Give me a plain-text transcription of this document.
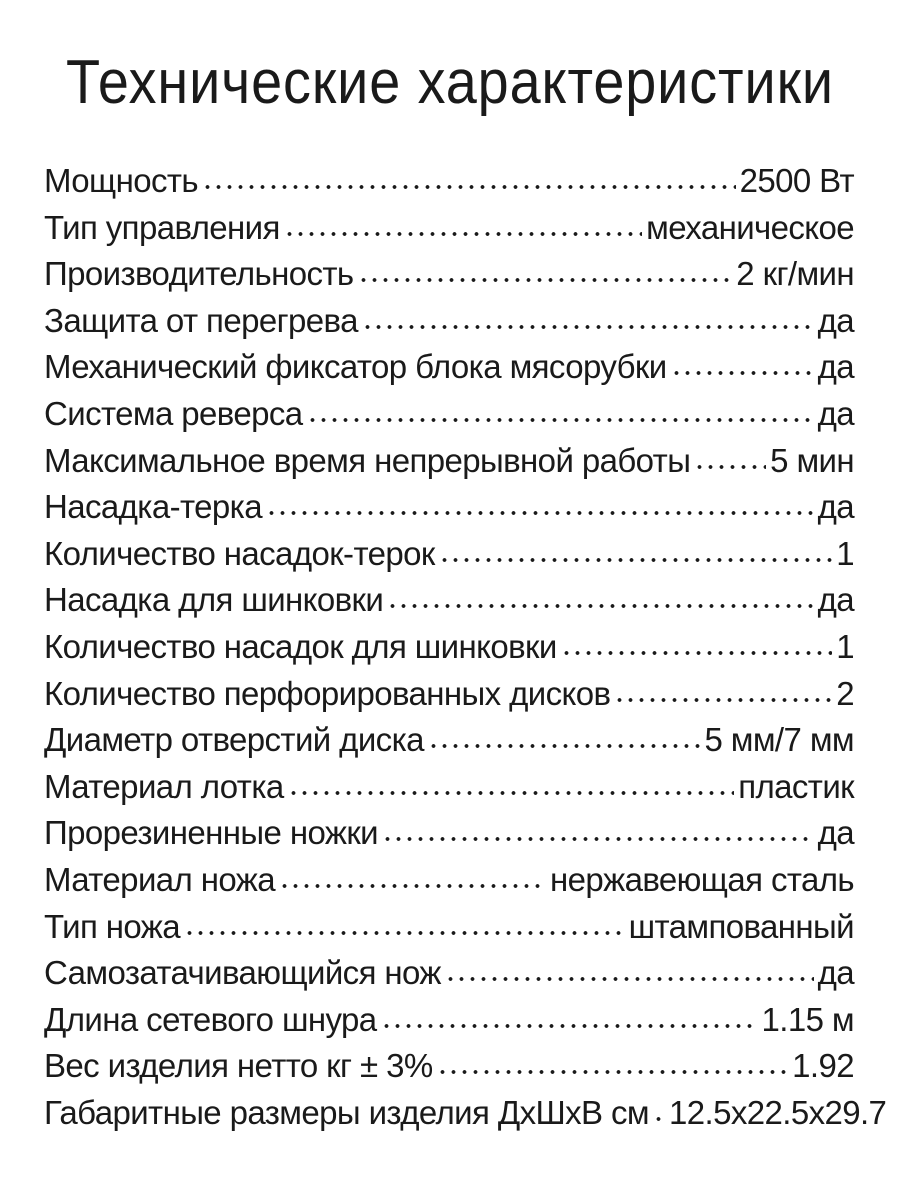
Технические характеристики
Мощность	2500 Вт
Тип управления	механическое
Производительность	2 кг/мин
Защита от перегрева	да
Механический фиксатор блока мясорубки	да
Система реверса	да
Максимальное время непрерывной работы 5 мин
Насадка-терка	да
Количество насадок-терок	1
Насадка для шинковки	да
Количество насадок для шинковки	1
Количество перфорированных дисков	2
Диаметр отверстий диска	5 мм/7 мм
Материал лотка	пластик
Прорезиненные ножки	да
Материал ножа	нержавеющая сталь
Тип ножа	штампованный
Самозатачивающийся нож	да
Длина сетевого шнура	1.15 м
Вес изделия нетто кг ± 3%	1.92
Габаритные размеры изделия ДхШхВ см 12.5х22.5х29.7
